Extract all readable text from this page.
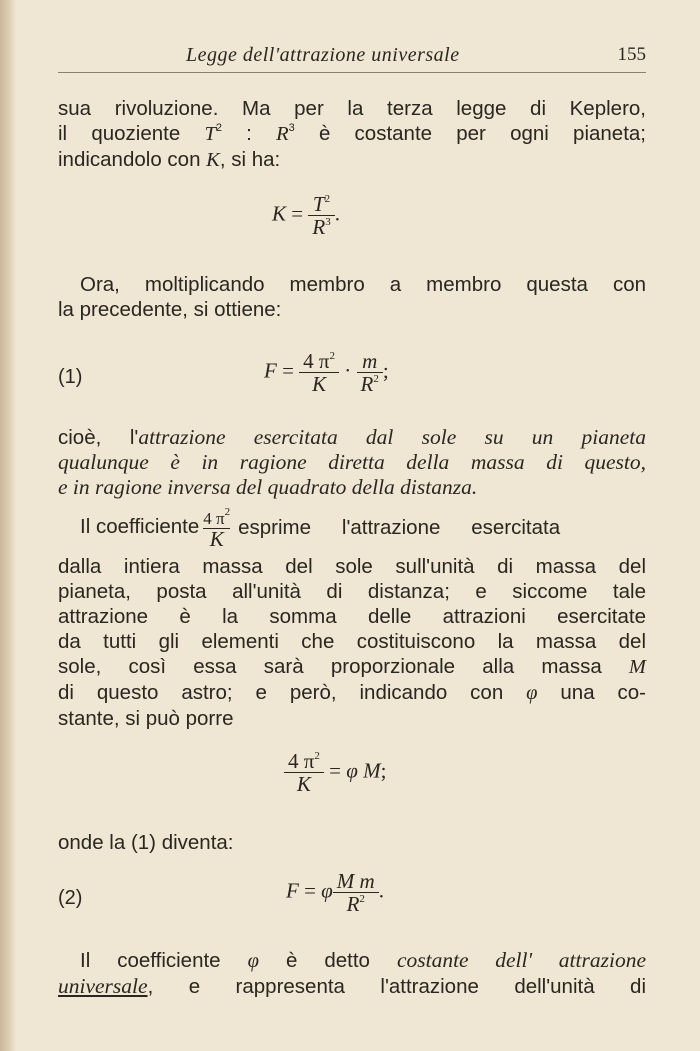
Legge dell'attrazione universale	155
sua rivoluzione. Ma per la terza legge di Keplero,
il quoziente $T^2$ : $R^3$ è costante per ogni pianeta;
indicandolo con K, si ha:
$K = \frac{T^2}{R^3}$ .
Ora, moltiplicando membro a membro questa con
la precedente, si ottiene:
(1)	$F = \frac{4 \pi^2}{K} \cdot \frac{m}{R^2}$ ;
cioè, l'attrazione esercitata dal sole su un pianeta
qualunque è in ragione diretta della massa di questo,
e in ragione inversa del quadrato della distanza.
Il coefficiente $\frac{4 \pi^2}{K}$ esprime l'attrazione esercitata
dalla intiera massa del sole sull'unità di massa del
pianeta, posta all'unità di distanza; e siccome tale
attrazione è la somma delle attrazioni esercitate
da tutti gli elementi che costituiscono la massa del
sole, così essa sarà proporzionale alla massa M
di questo astro; e però, indicando con φ una co-
stante, si può porre
$\frac{4 \pi^2}{K} = \varphi$ M;
onde la (1) diventa:
(2)	F = φ $\frac{\text{M m}}{R^2}$ .
Il coefficiente φ è detto costante dell' attrazione
universale, e rappresenta l'attrazione dell'unità di
